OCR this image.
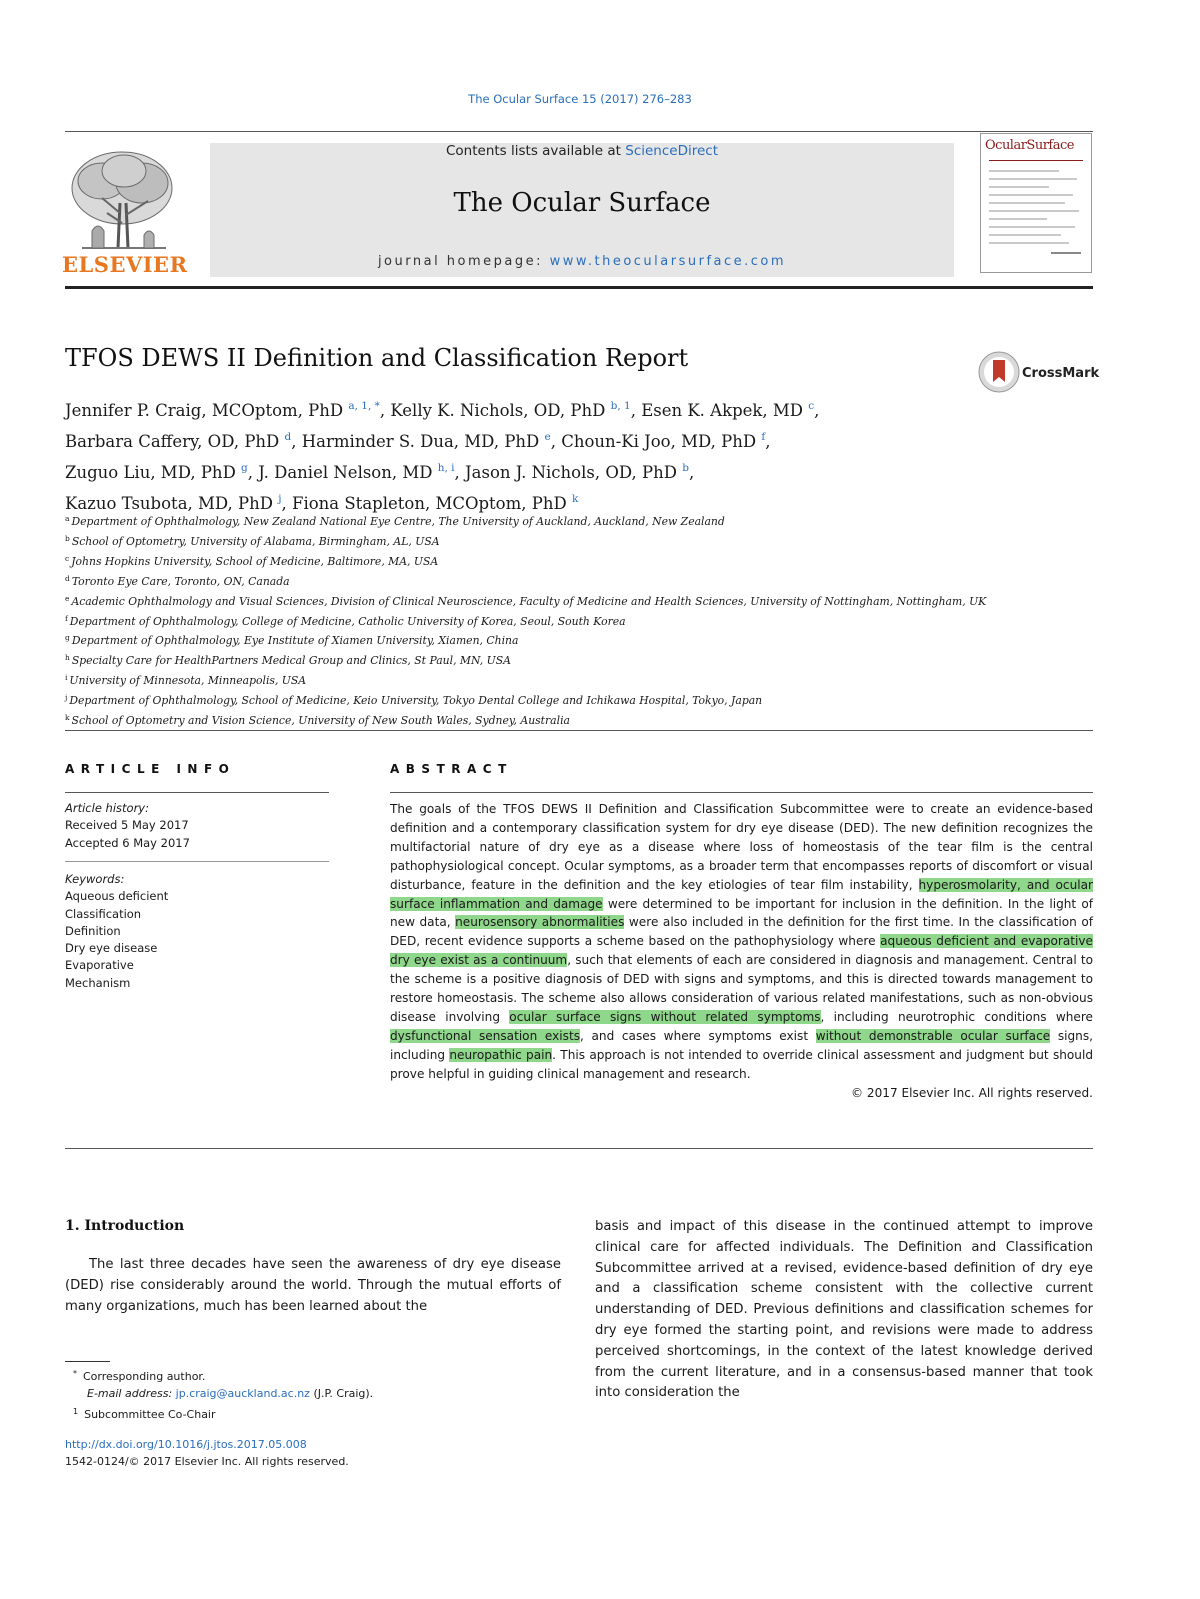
The Ocular Surface 15 (2017) 276–283
ELSEVIER
Contents lists available at ScienceDirect
The Ocular Surface
journal homepage: www.theocularsurface.com
OcularSurface
TFOS DEWS II Definition and Classification Report
CrossMark
Jennifer P. Craig, MCOptom, PhD $^{a, 1, *}$, Kelly K. Nichols, OD, PhD $^{b, 1}$, Esen K. Akpek, MD $^c$,
Barbara Caffery, OD, PhD $^d$, Harminder S. Dua, MD, PhD $^e$, Choun-Ki Joo, MD, PhD $^f$,
Zuguo Liu, MD, PhD $^g$, J. Daniel Nelson, MD $^{h, i}$, Jason J. Nichols, OD, PhD $^b$,
Kazuo Tsubota, MD, PhD $^j$, Fiona Stapleton, MCOptom, PhD $^k$
$^a$ Department of Ophthalmology, New Zealand National Eye Centre, The University of Auckland, Auckland, New Zealand
$^b$ School of Optometry, University of Alabama, Birmingham, AL, USA
$^c$ Johns Hopkins University, School of Medicine, Baltimore, MA, USA
$^d$ Toronto Eye Care, Toronto, ON, Canada
$^e$ Academic Ophthalmology and Visual Sciences, Division of Clinical Neuroscience, Faculty of Medicine and Health Sciences, University of Nottingham, Nottingham, UK
$^f$ Department of Ophthalmology, College of Medicine, Catholic University of Korea, Seoul, South Korea
$^g$ Department of Ophthalmology, Eye Institute of Xiamen University, Xiamen, China
$^h$ Specialty Care for HealthPartners Medical Group and Clinics, St Paul, MN, USA
$^i$ University of Minnesota, Minneapolis, USA
$^j$ Department of Ophthalmology, School of Medicine, Keio University, Tokyo Dental College and Ichikawa Hospital, Tokyo, Japan
$^k$ School of Optometry and Vision Science, University of New South Wales, Sydney, Australia
ARTICLE INFO
Article history:
Received 5 May 2017
Accepted 6 May 2017
Keywords:
Aqueous deficient
Classification
Definition
Dry eye disease
Evaporative
Mechanism
ABSTRACT
The goals of the TFOS DEWS II Definition and Classification Subcommittee were to create an evidence-based definition and a contemporary classification system for dry eye disease (DED). The new definition recognizes the multifactorial nature of dry eye as a disease where loss of homeostasis of the tear film is the central pathophysiological concept. Ocular symptoms, as a broader term that encompasses reports of discomfort or visual disturbance, feature in the definition and the key etiologies of tear film instability, hyperosmolarity, and ocular surface inflammation and damage were determined to be important for inclusion in the definition. In the light of new data, neurosensory abnormalities were also included in the definition for the first time. In the classification of DED, recent evidence supports a scheme based on the pathophysiology where aqueous deficient and evaporative dry eye exist as a continuum, such that elements of each are considered in diagnosis and management. Central to the scheme is a positive diagnosis of DED with signs and symptoms, and this is directed towards management to restore homeostasis. The scheme also allows consideration of various related manifestations, such as non-obvious disease involving ocular surface signs without related symptoms, including neurotrophic conditions where dysfunctional sensation exists, and cases where symptoms exist without demonstrable ocular surface signs, including neuropathic pain. This approach is not intended to override clinical assessment and judgment but should prove helpful in guiding clinical management and research.
© 2017 Elsevier Inc. All rights reserved.
1. Introduction
The last three decades have seen the awareness of dry eye disease (DED) rise considerably around the world. Through the mutual efforts of many organizations, much has been learned about the
basis and impact of this disease in the continued attempt to improve clinical care for affected individuals. The Definition and Classification Subcommittee arrived at a revised, evidence-based definition of dry eye and a classification scheme consistent with the collective current understanding of DED. Previous definitions and classification schemes for dry eye formed the starting point, and revisions were made to address perceived shortcomings, in the context of the latest knowledge derived from the current literature, and in a consensus-based manner that took into consideration the
* Corresponding author.
E-mail address: jp.craig@auckland.ac.nz (J.P. Craig).
$^1$ Subcommittee Co-Chair
http://dx.doi.org/10.1016/j.jtos.2017.05.008
1542-0124/© 2017 Elsevier Inc. All rights reserved.
